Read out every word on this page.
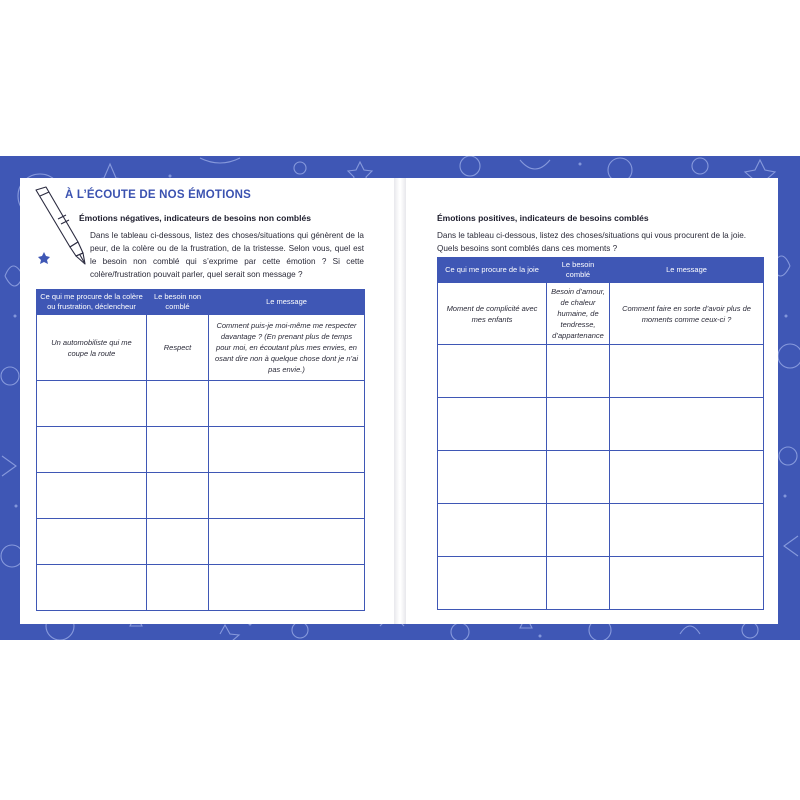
À L’ÉCOUTE DE NOS ÉMOTIONS
Émotions négatives, indicateurs de besoins non comblés
Dans le tableau ci-dessous, listez des choses/situations qui génèrent de la peur, de la colère ou de la frustration, de la tristesse. Selon vous, quel est le besoin non comblé qui s’exprime par cette émotion ? Si cette colère/frustration pouvait parler, quel serait son message ?
Ce qui me procure de la colère ou frustration, déclencheur	Le besoin non comblé	Le message
Un automobiliste qui me coupe la route	Respect	Comment puis-je moi-même me respecter davantage ? (En prenant plus de temps pour moi, en écoutant plus mes envies, en osant dire non à quelque chose dont je n’ai pas envie.)

Émotions positives, indicateurs de besoins comblés
Dans le tableau ci-dessous, listez des choses/situations qui vous procurent de la joie. Quels besoins sont comblés dans ces moments ?
Ce qui me procure de la joie	Le besoin comblé	Le message
Moment de complicité avec mes enfants	Besoin d’amour, de chaleur humaine, de tendresse, d’appartenance	Comment faire en sorte d’avoir plus de moments comme ceux-ci ?
